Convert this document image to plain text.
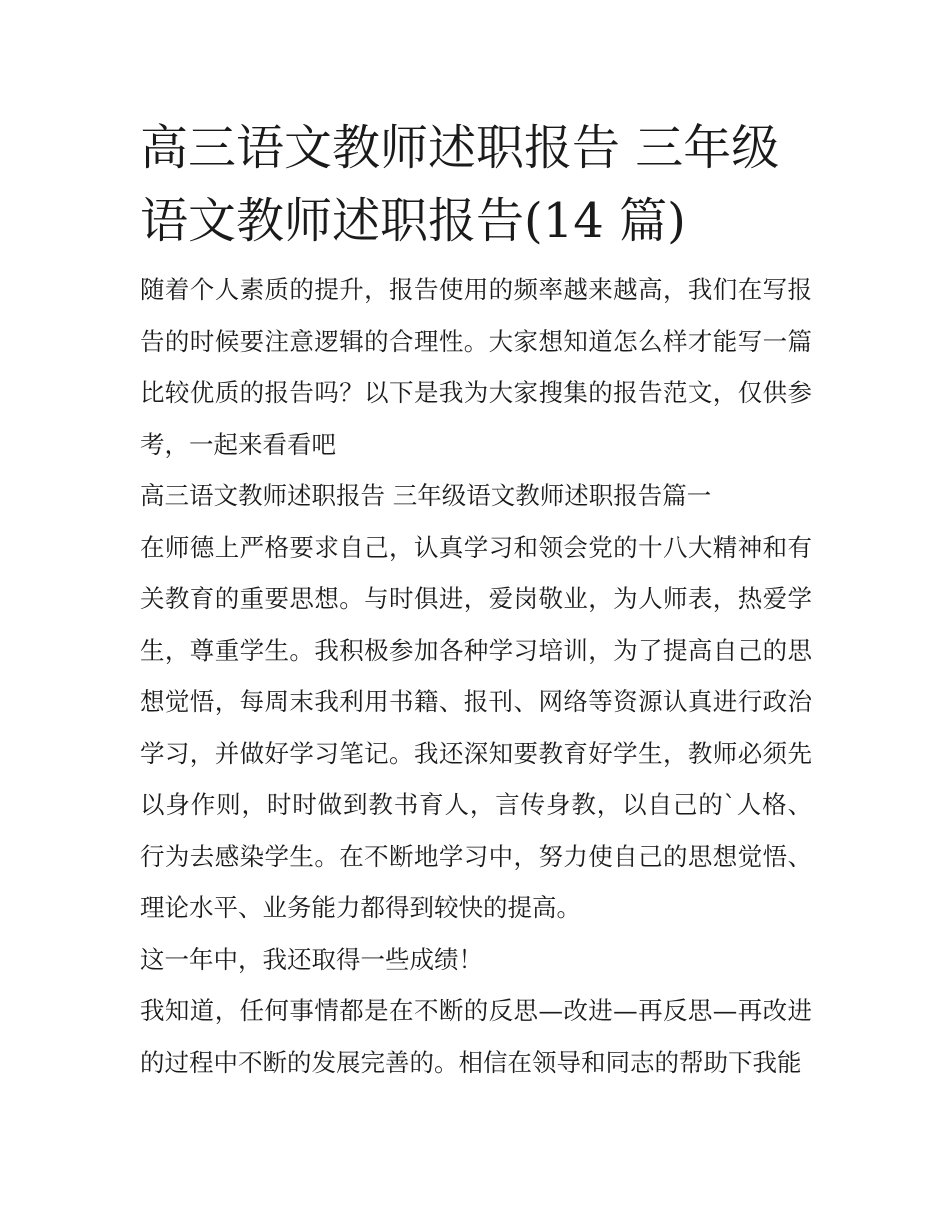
高三语文教师述职报告 三年级语文教师述职报告(14 篇)

随着个人素质的提升，报告使用的频率越来越高，我们在写报告的时候要注意逻辑的合理性。大家想知道怎么样才能写一篇比较优质的报告吗？以下是我为大家搜集的报告范文，仅供参考，一起来看看吧

高三语文教师述职报告 三年级语文教师述职报告篇一

在师德上严格要求自己，认真学习和领会党的十八大精神和有关教育的重要思想。与时俱进，爱岗敬业，为人师表，热爱学生，尊重学生。我积极参加各种学习培训，为了提高自己的思想觉悟，每周末我利用书籍、报刊、网络等资源认真进行政治学习，并做好学习笔记。我还深知要教育好学生，教师必须先以身作则，时时做到教书育人，言传身教，以自己的`人格、行为去感染学生。在不断地学习中，努力使自己的思想觉悟、理论水平、业务能力都得到较快的提高。

这一年中，我还取得一些成绩！

我知道，任何事情都是在不断的反思—改进—再反思—再改进的过程中不断的发展完善的。相信在领导和同志的帮助下我能
